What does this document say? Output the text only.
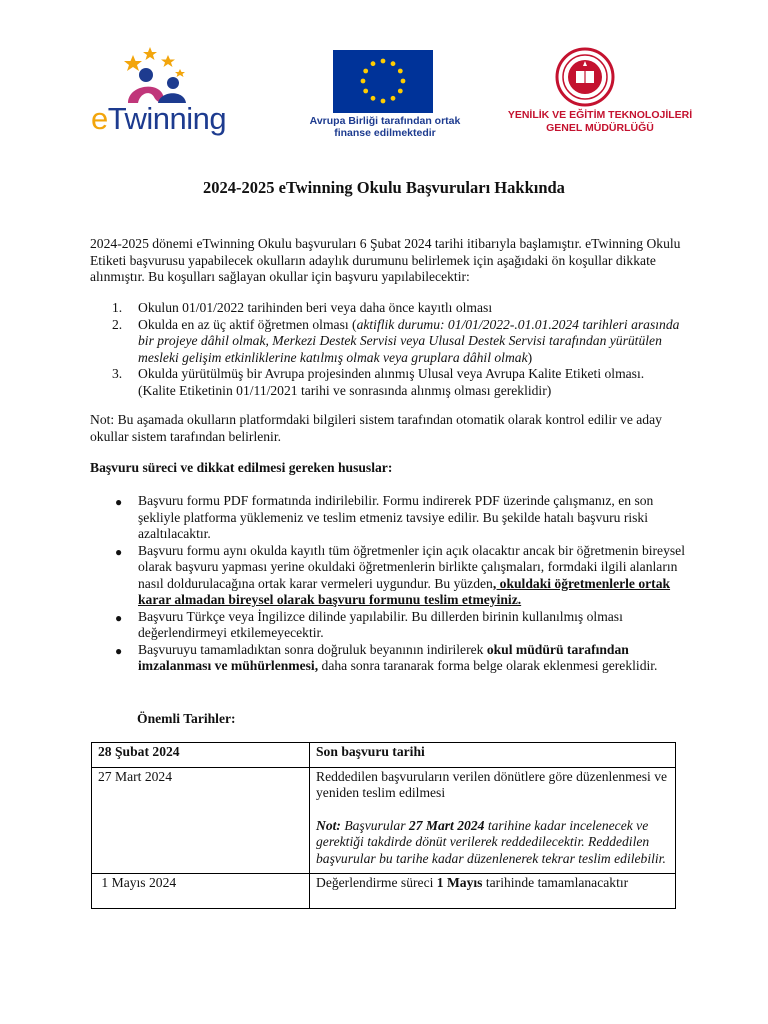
eTwinning	Avrupa Birliği tarafından ortak finanse edilmektedir
YENİLİK VE EĞİTİM TEKNOLOJİLERİ
GENEL MÜDÜRLÜĞÜ
2024-2025 eTwinning Okulu Başvuruları Hakkında

2024-2025 dönemi eTwinning Okulu başvuruları 6 Şubat 2024 tarihi itibarıyla başlamıştır. eTwinning Okulu Etiketi başvurusu yapabilecek okulların adaylık durumunu belirlemek için aşağıdaki ön koşullar dikkate alınmıştır. Bu koşulları sağlayan okullar için başvuru yapılabilecektir:

1. Okulun 01/01/2022 tarihinden beri veya daha önce kayıtlı olması
2. Okulda en az üç aktif öğretmen olması (aktiflik durumu: 01/01/2022-.01.01.2024 tarihleri arasında bir projeye dâhil olmak, Merkezi Destek Servisi veya Ulusal Destek Servisi tarafından yürütülen mesleki gelişim etkinliklerine katılmış olmak veya gruplara dâhil olmak)
3. Okulda yürütülmüş bir Avrupa projesinden alınmış Ulusal veya Avrupa Kalite Etiketi olması. (Kalite Etiketinin 01/11/2021 tarihi ve sonrasında alınmış olması gereklidir)

Not: Bu aşamada okulların platformdaki bilgileri sistem tarafından otomatik olarak kontrol edilir ve aday okullar sistem tarafından belirlenir.

Başvuru süreci ve dikkat edilmesi gereken hususlar:

● Başvuru formu PDF formatında indirilebilir. Formu indirerek PDF üzerinde çalışmanız, en son şekliyle platforma yüklemeniz ve teslim etmeniz tavsiye edilir. Bu şekilde hatalı başvuru riski azaltılacaktır.
● Başvuru formu aynı okulda kayıtlı tüm öğretmenler için açık olacaktır ancak bir öğretmenin bireysel olarak başvuru yapması yerine okuldaki öğretmenlerin birlikte çalışmaları, formdaki ilgili alanların nasıl doldurulacağına ortak karar vermeleri uygundur. Bu yüzden, okuldaki öğretmenlerle ortak karar almadan bireysel olarak başvuru formunu teslim etmeyiniz.
● Başvuru Türkçe veya İngilizce dilinde yapılabilir. Bu dillerden birinin kullanılmış olması değerlendirmeyi etkilemeyecektir.
● Başvuruyu tamamladıktan sonra doğruluk beyanının indirilerek okul müdürü tarafından imzalanması ve mühürlenmesi, daha sonra taranarak forma belge olarak eklenmesi gereklidir.

Önemli Tarihler:

28 Şubat 2024	Son başvuru tarihi
27 Mart 2024	Reddedilen başvuruların verilen dönütlere göre düzenlenmesi ve yeniden teslim edilmesi
Not: Başvurular 27 Mart 2024 tarihine kadar incelenecek ve gerektiği takdirde dönüt verilerek reddedilecektir. Reddedilen başvurular bu tarihe kadar düzenlenerek tekrar teslim edilebilir.

1 Mayıs 2024	Değerlendirme süreci 1 Mayıs tarihinde tamamlanacaktır
